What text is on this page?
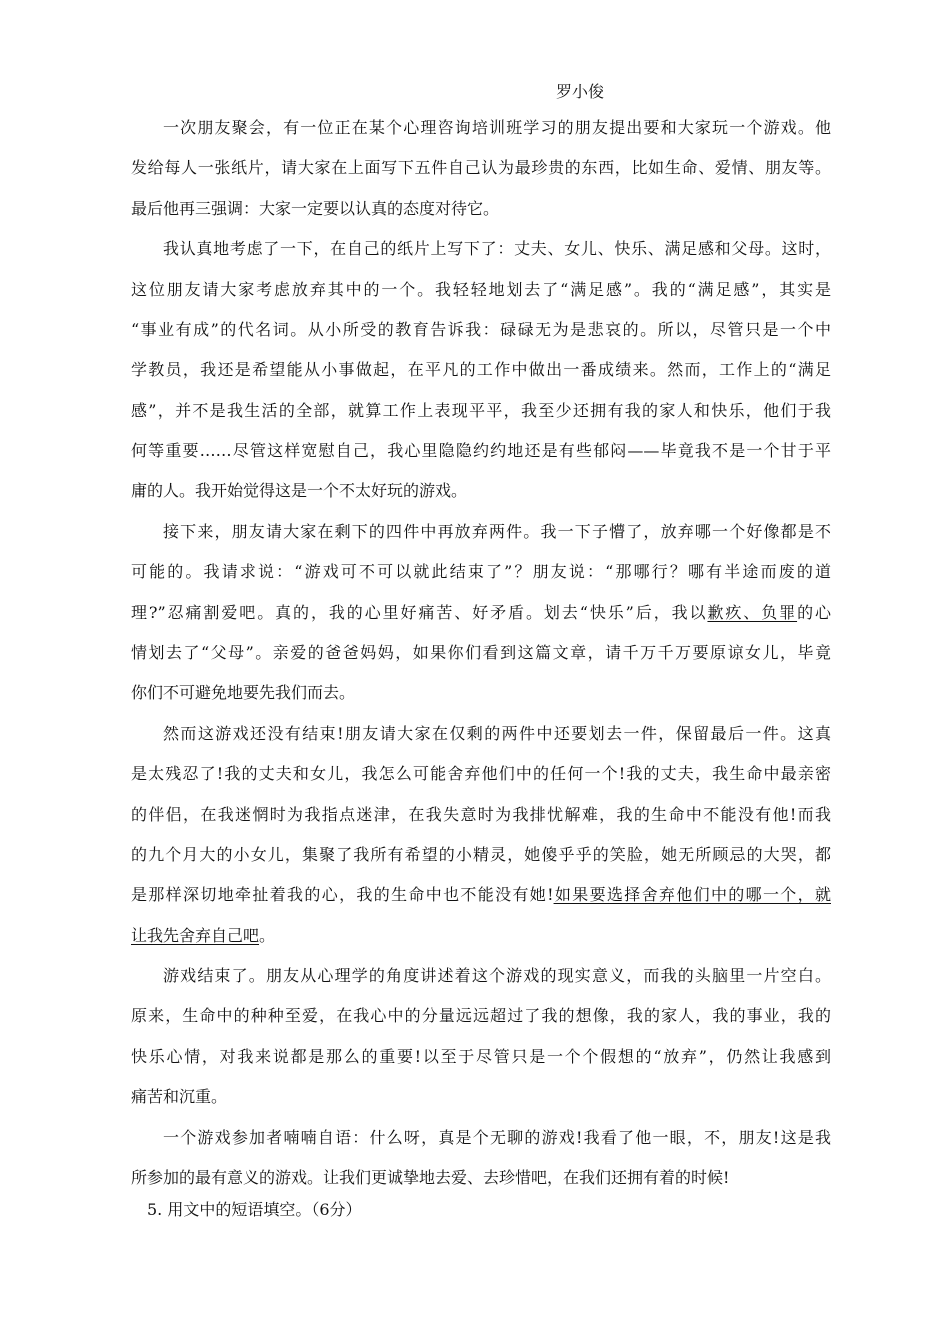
罗小俊
一次朋友聚会，有一位正在某个心理咨询培训班学习的朋友提出要和大家玩一个游戏。他
发给每人一张纸片，请大家在上面写下五件自己认为最珍贵的东西，比如生命、爱情、朋友等。
最后他再三强调：大家一定要以认真的态度对待它。
我认真地考虑了一下，在自己的纸片上写下了：丈夫、女儿、快乐、满足感和父母。这时，
这位朋友请大家考虑放弃其中的一个。我轻轻地划去了“满足感”。我的“满足感”，其实是
“事业有成”的代名词。从小所受的教育告诉我：碌碌无为是悲哀的。所以，尽管只是一个中
学教员，我还是希望能从小事做起，在平凡的工作中做出一番成绩来。然而，工作上的“满足
感”，并不是我生活的全部，就算工作上表现平平，我至少还拥有我的家人和快乐，他们于我
何等重要……尽管这样宽慰自己，我心里隐隐约约地还是有些郁闷——毕竟我不是一个甘于平
庸的人。我开始觉得这是一个不太好玩的游戏。
接下来，朋友请大家在剩下的四件中再放弃两件。我一下子懵了，放弃哪一个好像都是不
可能的。我请求说：“游戏可不可以就此结束了”？朋友说：“那哪行？哪有半途而废的道
理?”忍痛割爱吧。真的，我的心里好痛苦、好矛盾。划去“快乐”后，我以歉疚、负罪的心
情划去了“父母”。亲爱的爸爸妈妈，如果你们看到这篇文章，请千万千万要原谅女儿，毕竟
你们不可避免地要先我们而去。
然而这游戏还没有结束!朋友请大家在仅剩的两件中还要划去一件，保留最后一件。这真
是太残忍了!我的丈夫和女儿，我怎么可能舍弃他们中的任何一个!我的丈夫，我生命中最亲密
的伴侣，在我迷惘时为我指点迷津，在我失意时为我排忧解难，我的生命中不能没有他!而我
的九个月大的小女儿，集聚了我所有希望的小精灵，她傻乎乎的笑脸，她无所顾忌的大哭，都
是那样深切地牵扯着我的心，我的生命中也不能没有她!如果要选择舍弃他们中的哪一个，就
让我先舍弃自己吧。
游戏结束了。朋友从心理学的角度讲述着这个游戏的现实意义，而我的头脑里一片空白。
原来，生命中的种种至爱，在我心中的分量远远超过了我的想像，我的家人，我的事业，我的
快乐心情，对我来说都是那么的重要!以至于尽管只是一个个假想的“放弃”，仍然让我感到
痛苦和沉重。
一个游戏参加者喃喃自语：什么呀，真是个无聊的游戏!我看了他一眼，不，朋友!这是我
所参加的最有意义的游戏。让我们更诚挚地去爱、去珍惜吧，在我们还拥有着的时候!
5. 用文中的短语填空。（6分）
